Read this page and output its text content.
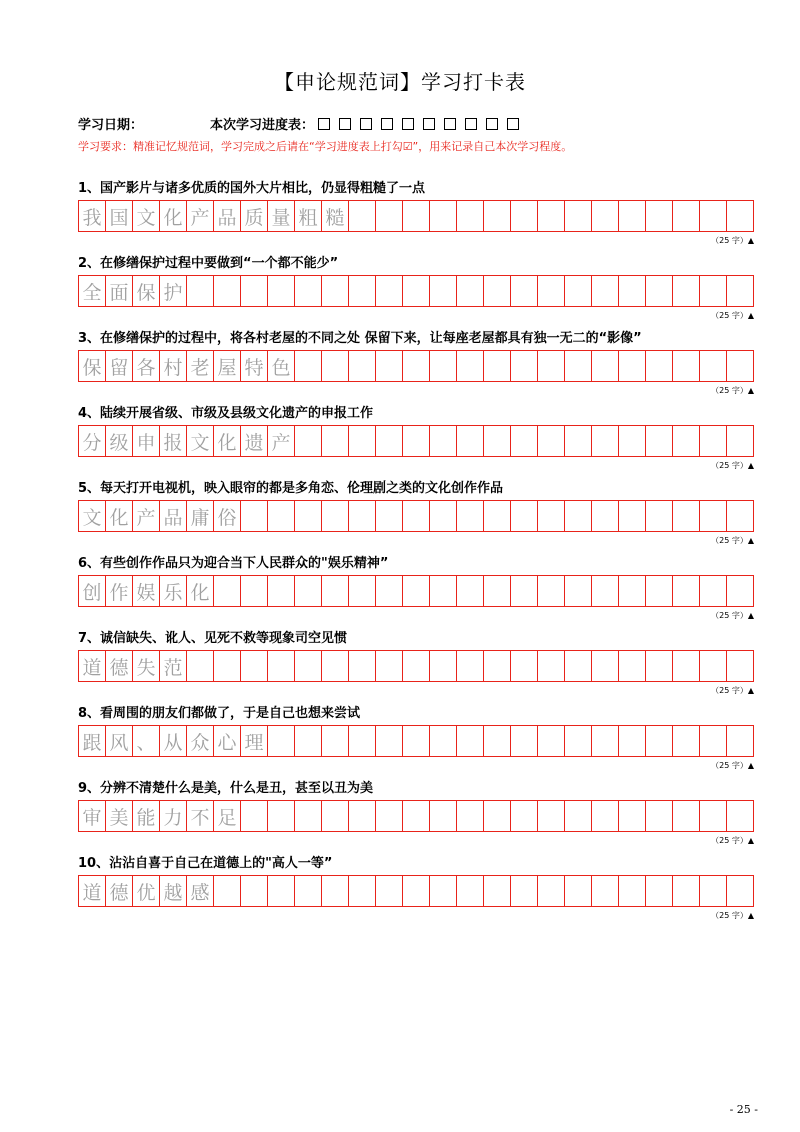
【申论规范词】学习打卡表
学习日期：	本次学习进度表：
学习要求：精准记忆规范词，学习完成之后请在“学习进度表上打勾☑”，用来记录自己本次学习程度。
1、国产影片与诸多优质的国外大片相比，仍显得粗糙了一点
我 国 文 化 产 品 质 量 粗 糙
（25 字）▲
2、在修缮保护过程中要做到“一个都不能少”
全 面 保 护
（25 字）▲
3、在修缮保护的过程中，将各村老屋的不同之处 保留下来，让每座老屋都具有独一无二的“影像”
保 留 各 村 老 屋 特 色
（25 字）▲
4、陆续开展省级、市级及县级文化遗产的申报工作
分 级 申 报 文 化 遗 产
（25 字）▲
5、每天打开电视机，映入眼帘的都是多角恋、伦理剧之类的文化创作作品
文 化 产 品 庸 俗
（25 字）▲
6、有些创作作品只为迎合当下人民群众的"娱乐精神”
创 作 娱 乐 化
（25 字）▲
7、诚信缺失、讹人、见死不救等现象司空见惯
道 德 失 范
（25 字）▲
8、看周围的朋友们都做了，于是自己也想来尝试
跟 风 、 从 众 心 理
（25 字）▲
9、分辨不清楚什么是美，什么是丑，甚至以丑为美
审 美 能 力 不 足
（25 字）▲
10、沾沾自喜于自己在道德上的"高人一等”
道 德 优 越 感
（25 字）▲
- 25 -
